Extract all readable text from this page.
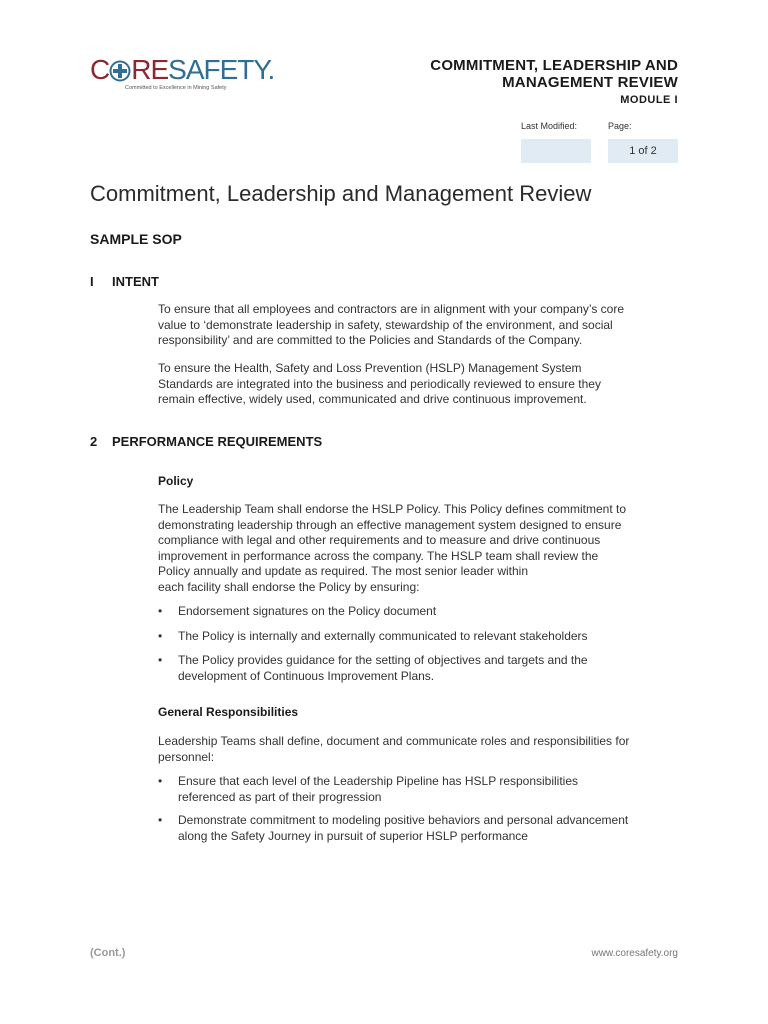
C RESAFETY.
Committed to Excellence in Mining Safety
COMMITMENT, LEADERSHIP AND
MANAGEMENT REVIEW
MODULE I
Last Modified:	Page:
1 of 2
Commitment, Leadership and Management Review
SAMPLE SOP
I INTENT
To ensure that all employees and contractors are in alignment with your company’s core
value to ‘demonstrate leadership in safety, stewardship of the environment, and social
responsibility’ and are committed to the Policies and Standards of the Company.
To ensure the Health, Safety and Loss Prevention (HSLP) Management System
Standards are integrated into the business and periodically reviewed to ensure they
remain effective, widely used, communicated and drive continuous improvement.
2 PERFORMANCE REQUIREMENTS
Policy
The Leadership Team shall endorse the HSLP Policy. This Policy defines commitment to
demonstrating leadership through an effective management system designed to ensure
compliance with legal and other requirements and to measure and drive continuous
improvement in performance across the company. The HSLP team shall review the
Policy annually and update as required. The most senior leader within
each facility shall endorse the Policy by ensuring:
• Endorsement signatures on the Policy document
• The Policy is internally and externally communicated to relevant stakeholders
• The Policy provides guidance for the setting of objectives and targets and the
development of Continuous Improvement Plans.
General Responsibilities
Leadership Teams shall define, document and communicate roles and responsibilities for
personnel:
• Ensure that each level of the Leadership Pipeline has HSLP responsibilities
referenced as part of their progression
• Demonstrate commitment to modeling positive behaviors and personal advancement
along the Safety Journey in pursuit of superior HSLP performance
(Cont.)	www.coresafety.org
